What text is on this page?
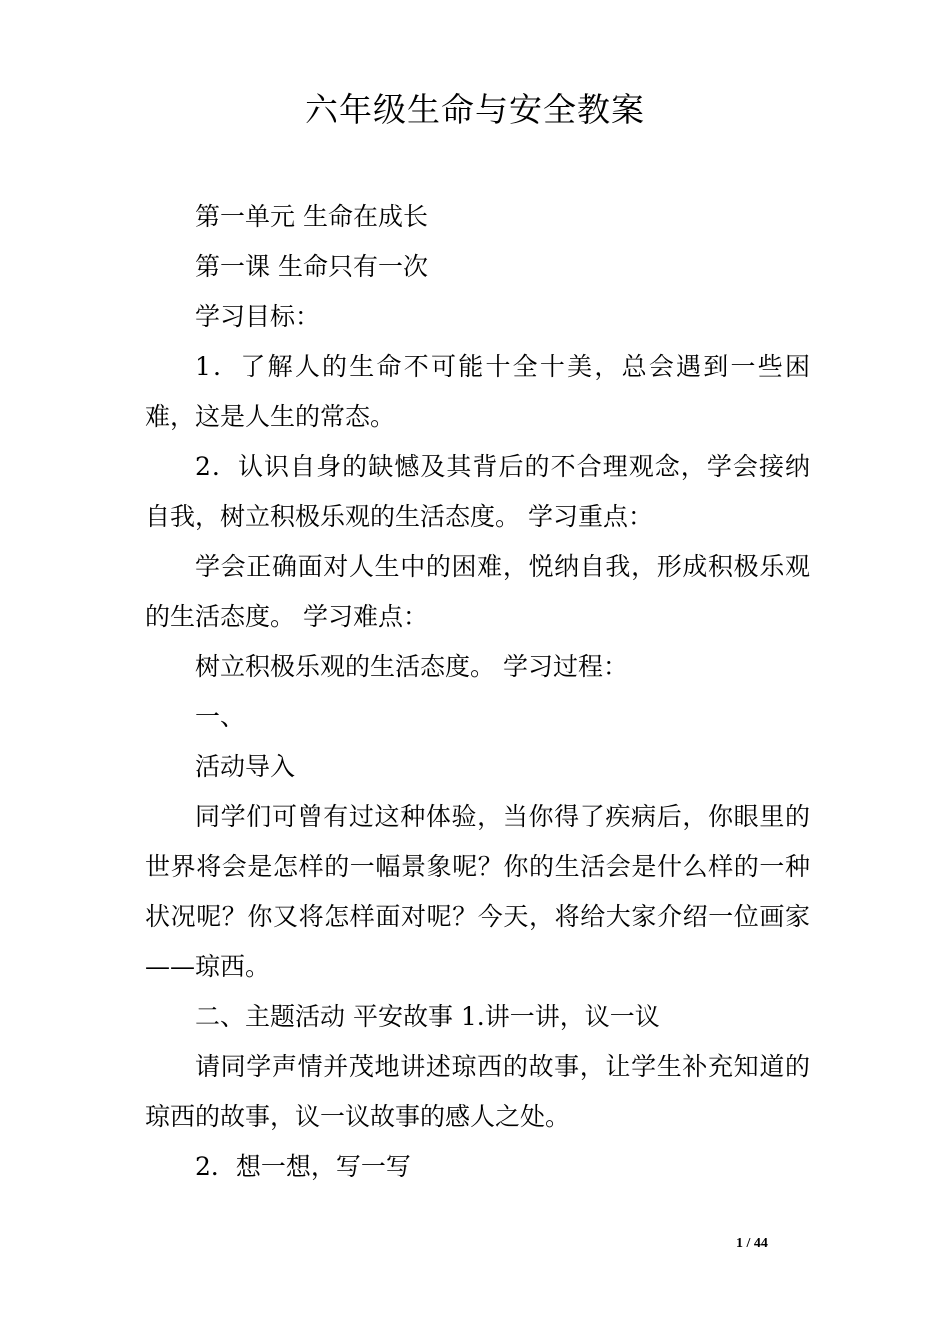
六年级生命与安全教案

第一单元 生命在成长

第一课 生命只有一次

学习目标：

1．了解人的生命不可能十全十美，总会遇到一些困难，这是人生的常态。

2．认识自身的缺憾及其背后的不合理观念，学会接纳自我，树立积极乐观的生活态度。 学习重点：

学会正确面对人生中的困难，悦纳自我，形成积极乐观的生活态度。 学习难点：

树立积极乐观的生活态度。 学习过程：

一、

活动导入

同学们可曾有过这种体验，当你得了疾病后，你眼里的世界将会是怎样的一幅景象呢？你的生活会是什么样的一种状况呢？你又将怎样面对呢？今天，将给大家介绍一位画家——琼西。

二、主题活动 平安故事 1.讲一讲，议一议

请同学声情并茂地讲述琼西的故事，让学生补充知道的琼西的故事，议一议故事的感人之处。

2．想一想，写一写

1 / 44
